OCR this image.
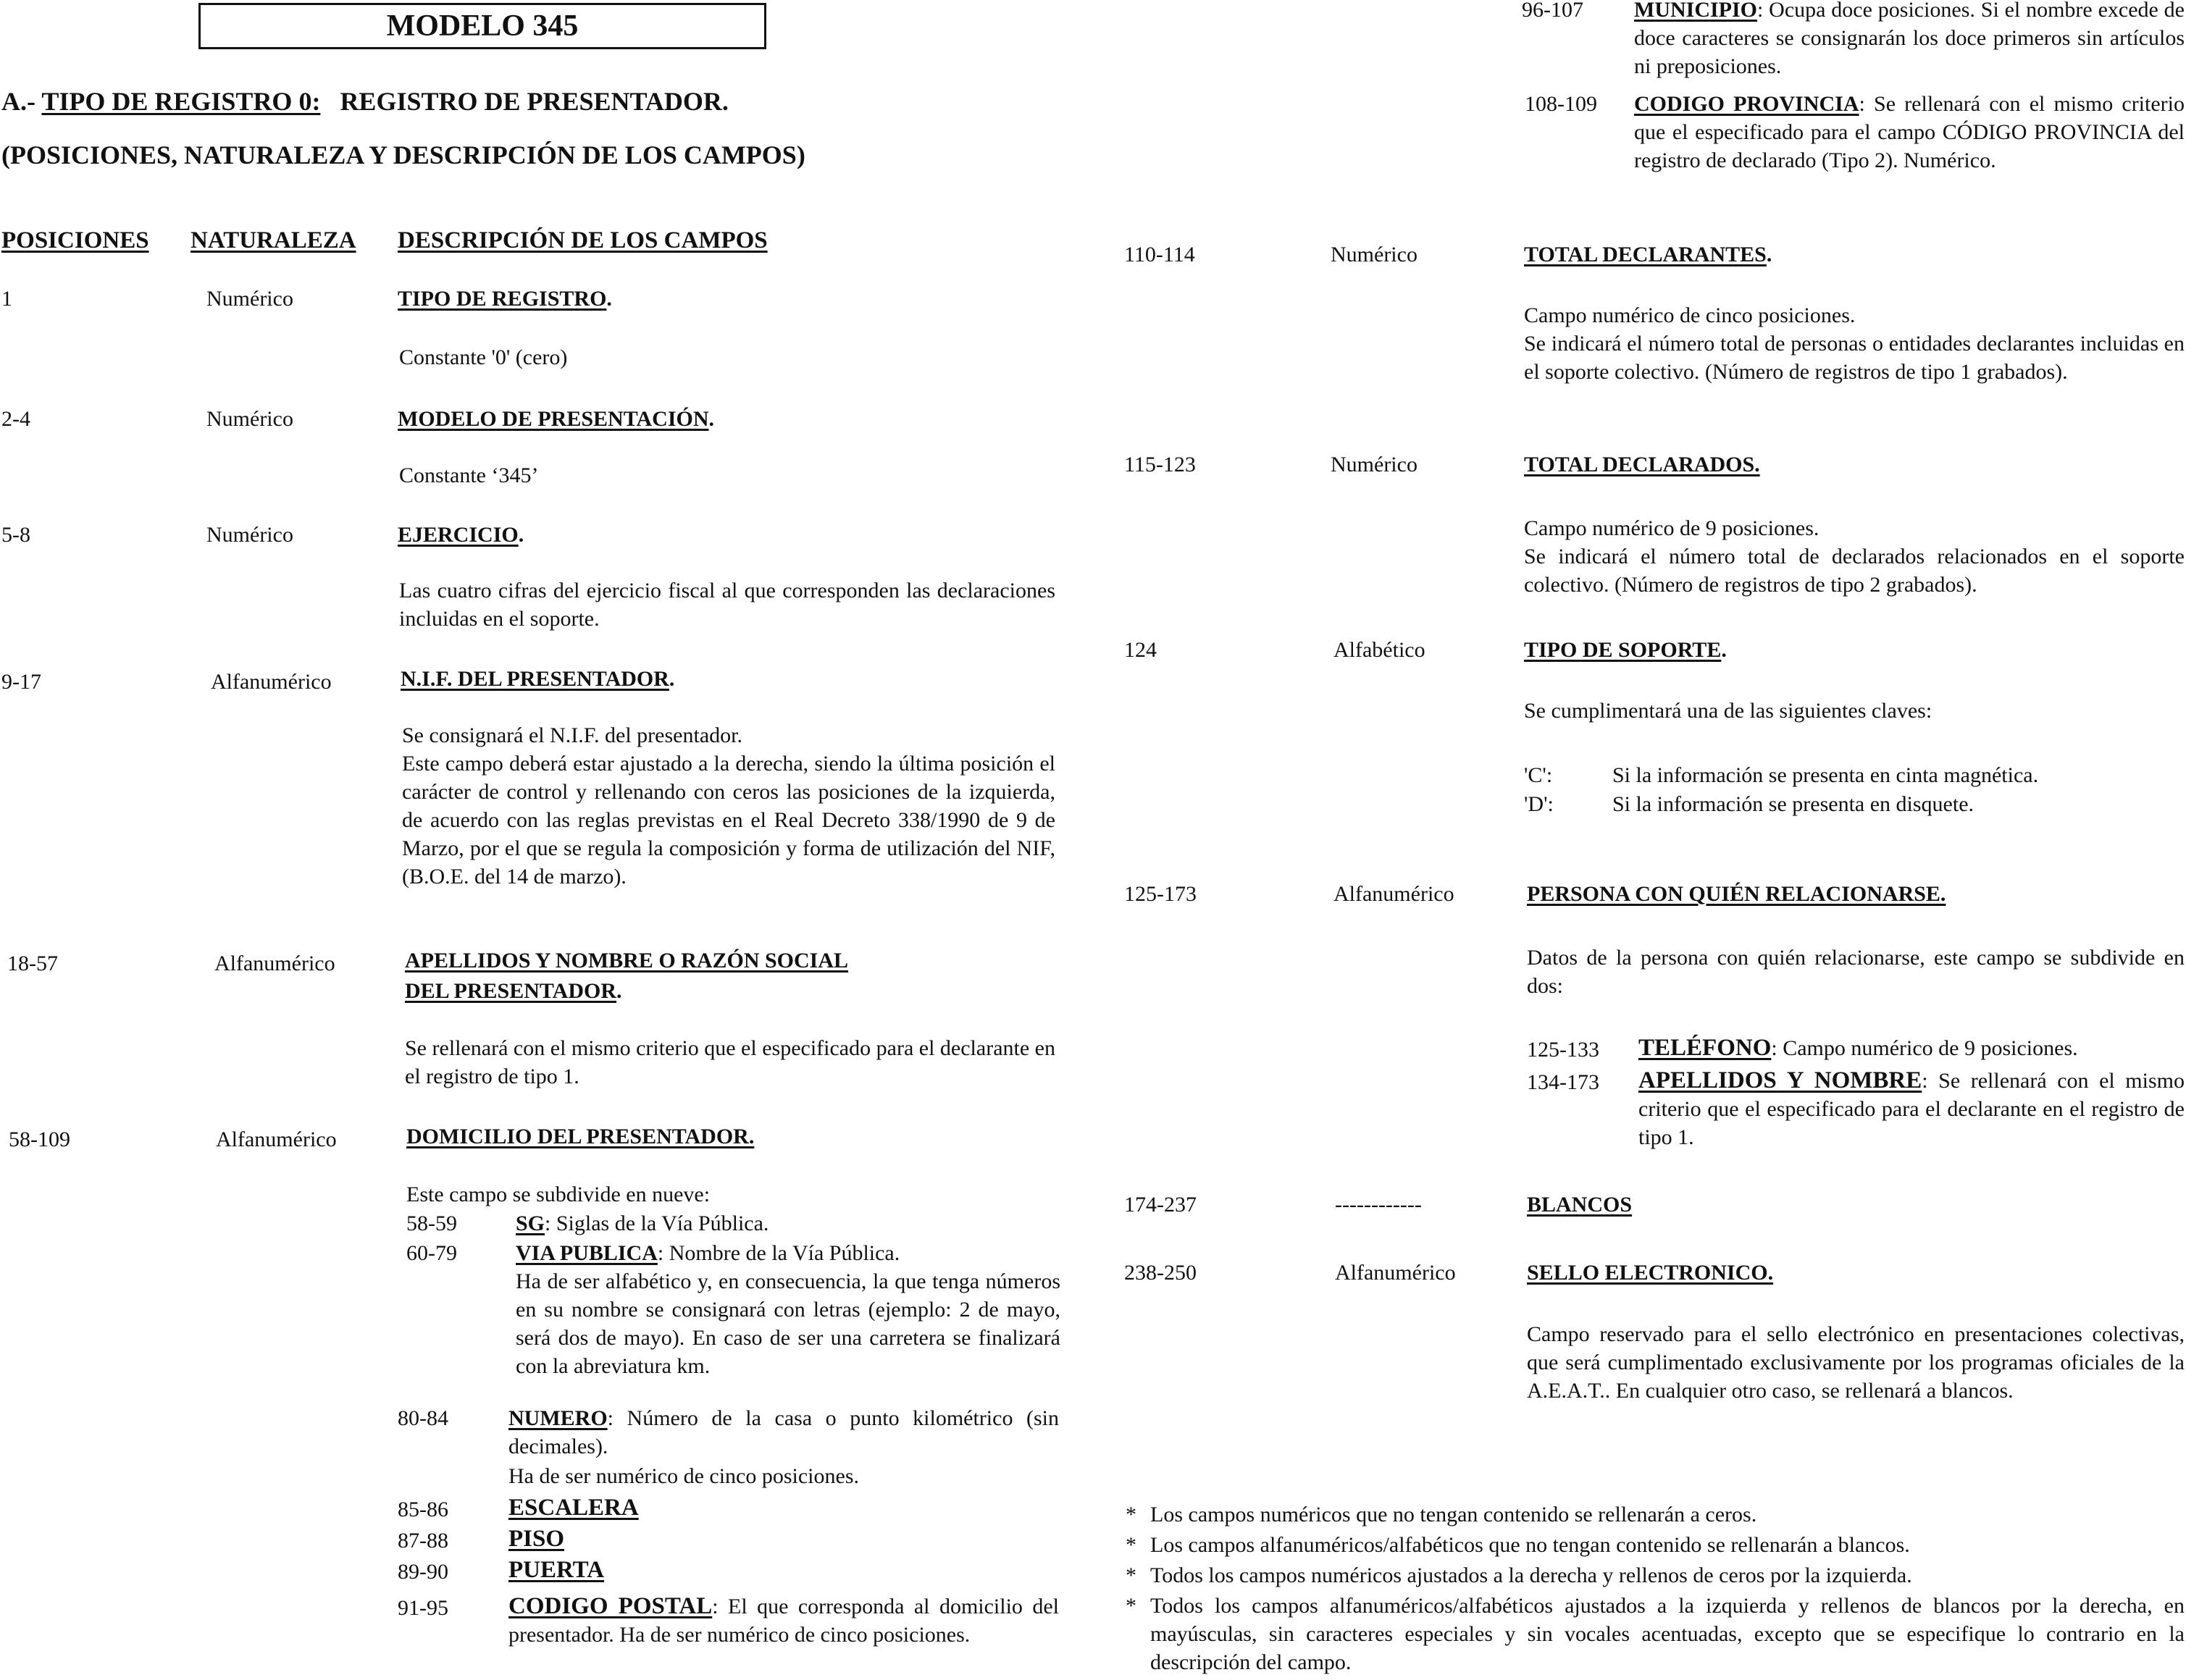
MODELO 345
A.- TIPO DE REGISTRO 0: REGISTRO DE PRESENTADOR.
(POSICIONES, NATURALEZA Y DESCRIPCIÓN DE LOS CAMPOS)
POSICIONES NATURALEZA DESCRIPCIÓN DE LOS CAMPOS
1	Numérico	TIPO DE REGISTRO.
Constante '0' (cero)
2-4	Numérico	MODELO DE PRESENTACIÓN.
Constante ‘345’
5-8	Numérico	EJERCICIO.

Las cuatro cifras del ejercicio fiscal al que corresponden las declaraciones incluidas en el soporte.

9-17	Alfanumérico	N.I.F. DEL PRESENTADOR.
Se consignará el N.I.F. del presentador.

Este campo deberá estar ajustado a la derecha, siendo la última posición el carácter de control y rellenando con ceros las posiciones de la izquierda, de acuerdo con las reglas previstas en el Real Decreto 338/1990 de 9 de Marzo, por el que se regula la composición y forma de utilización del NIF, (B.O.E. del 14 de marzo).

18-57	Alfanumérico	APELLIDOS Y NOMBRE O RAZÓN SOCIAL
DEL PRESENTADOR.

Se rellenará con el mismo criterio que el especificado para el declarante en el registro de tipo 1.

58-109	Alfanumérico	DOMICILIO DEL PRESENTADOR.
Este campo se subdivide en nueve:
58-59	SG: Siglas de la Vía Pública.
60-79	VIA PUBLICA: Nombre de la Vía Pública.

Ha de ser alfabético y, en consecuencia, la que tenga números en su nombre se consignará con letras (ejemplo: 2 de mayo, será dos de mayo). En caso de ser una carretera se finalizará con la abreviatura km.

80-84	NUMERO: Número de la casa o punto kilométrico (sin decimales).

Ha de ser numérico de cinco posiciones.
85-86	ESCALERA
87-88	PISO
89-90	PUERTA
91-95	CODIGO POSTAL: El que corresponda al domicilio del presentador. Ha de ser numérico de cinco posiciones.

96-107 MUNICIPIO: Ocupa doce posiciones. Si el nombre excede de doce caracteres se consignarán los doce primeros sin artículos ni preposiciones.

108-109 CODIGO PROVINCIA: Se rellenará con el mismo criterio que el especificado para el campo CÓDIGO PROVINCIA del registro de declarado (Tipo 2). Numérico.

110-114	Numérico	TOTAL DECLARANTES.
Campo numérico de cinco posiciones.

Se indicará el número total de personas o entidades declarantes incluidas en el soporte colectivo. (Número de registros de tipo 1 grabados).

115-123	Numérico	TOTAL DECLARADOS.
Campo numérico de 9 posiciones.

Se indicará el número total de declarados relacionados en el soporte colectivo. (Número de registros de tipo 2 grabados).

124	Alfabético	TIPO DE SOPORTE.
Se cumplimentará una de las siguientes claves:
'C':	Si la información se presenta en cinta magnética.
'D':	Si la información se presenta en disquete.
125-173	Alfanumérico	PERSONA CON QUIÉN RELACIONARSE.

Datos de la persona con quién relacionarse, este campo se subdivide en dos:

125-133 TELÉFONO: Campo numérico de 9 posiciones.
134-173 APELLIDOS Y NOMBRE: Se rellenará con el mismo criterio que el especificado para el declarante en el registro de tipo 1.

174-237	------------	BLANCOS
238-250	Alfanumérico	SELLO ELECTRONICO.

Campo reservado para el sello electrónico en presentaciones colectivas, que será cumplimentado exclusivamente por los programas oficiales de la A.E.A.T.. En cualquier otro caso, se rellenará a blancos.

* Los campos numéricos que no tengan contenido se rellenarán a ceros.
* Los campos alfanuméricos/alfabéticos que no tengan contenido se rellenarán a blancos.
* Todos los campos numéricos ajustados a la derecha y rellenos de ceros por la izquierda.
* Todos los campos alfanuméricos/alfabéticos ajustados a la izquierda y rellenos de blancos por la derecha, en mayúsculas, sin caracteres especiales y sin vocales acentuadas, excepto que se especifique lo contrario en la descripción del campo.
